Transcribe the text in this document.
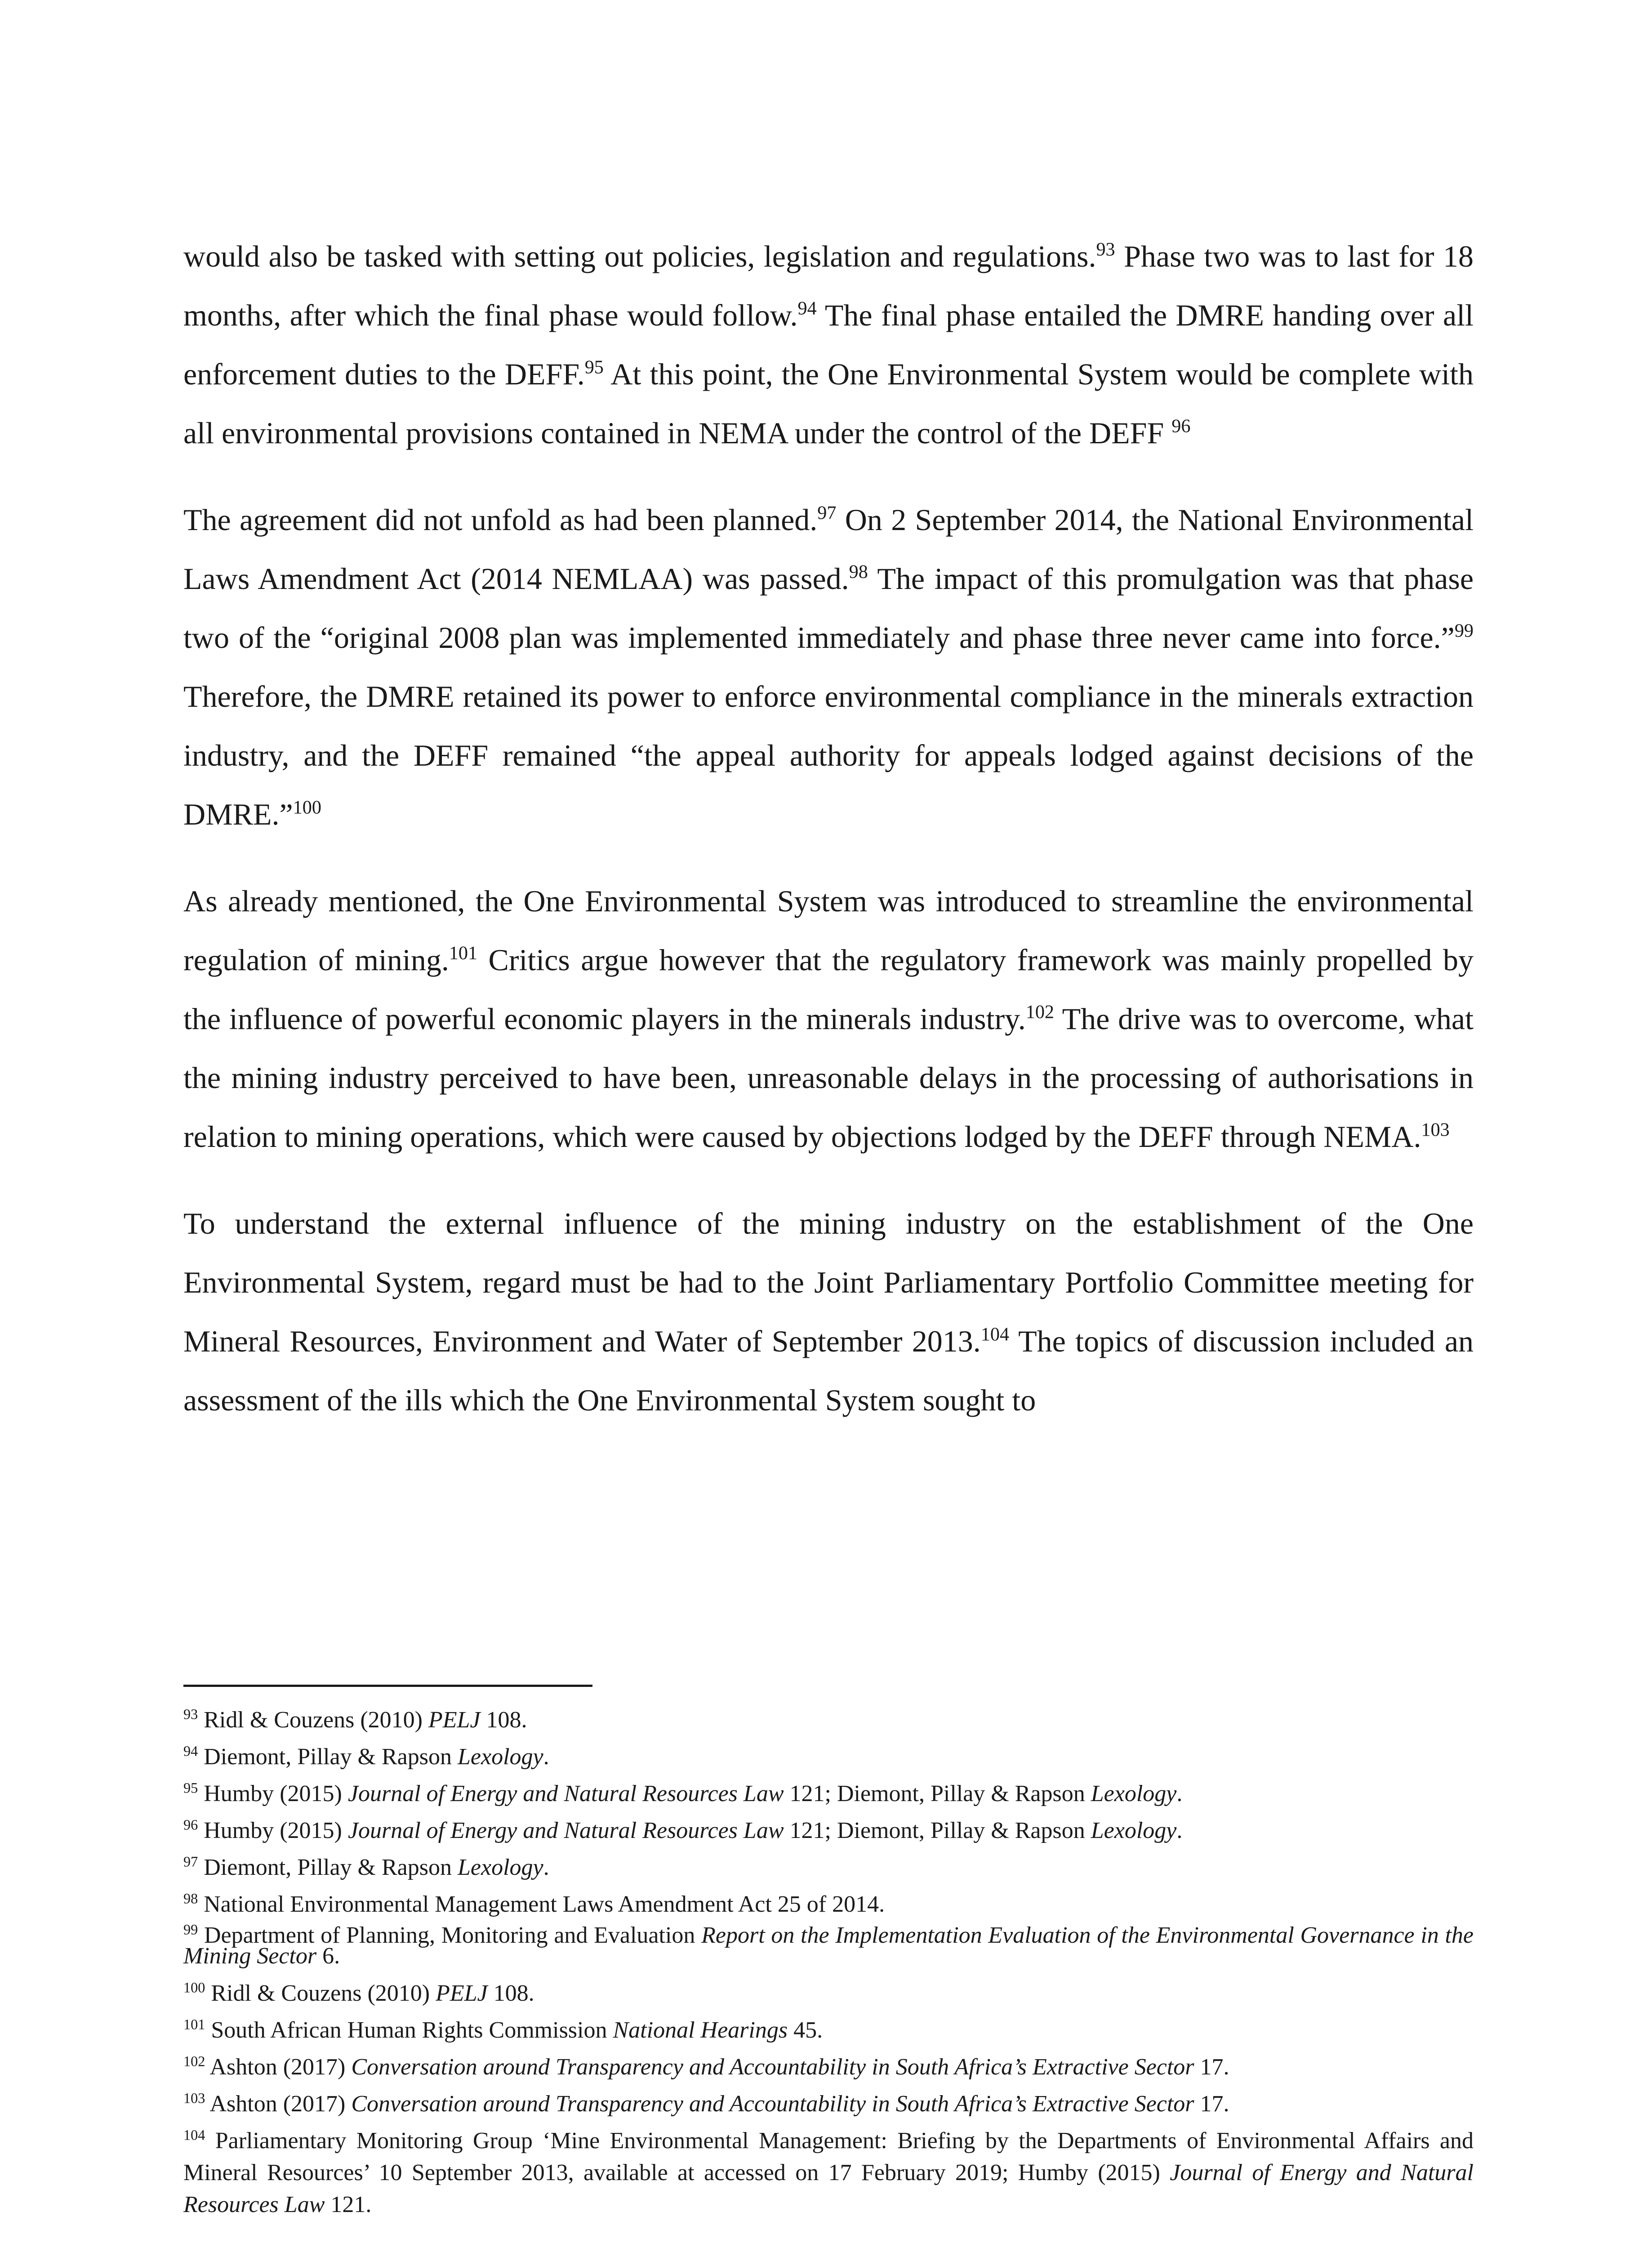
would also be tasked with setting out policies, legislation and regulations.$^{93}$ Phase two was to last for 18 months, after which the final phase would follow.$^{94}$ The final phase entailed the DMRE handing over all enforcement duties to the DEFF.$^{95}$ At this point, the One Environmental System would be complete with all environmental provisions contained in NEMA under the control of the DEFF $^{96}$

The agreement did not unfold as had been planned.$^{97}$ On 2 September 2014, the National Environmental Laws Amendment Act (2014 NEMLAA) was passed.$^{98}$ The impact of this promulgation was that phase two of the “original 2008 plan was implemented immediately and phase three never came into force.”$^{99}$ Therefore, the DMRE retained its power to enforce environmental compliance in the minerals extraction industry, and the DEFF remained “the appeal authority for appeals lodged against decisions of the DMRE.”$^{100}$

As already mentioned, the One Environmental System was introduced to streamline the environmental regulation of mining.$^{101}$ Critics argue however that the regulatory framework was mainly propelled by the influence of powerful economic players in the minerals industry.$^{102}$ The drive was to overcome, what the mining industry perceived to have been, unreasonable delays in the processing of authorisations in relation to mining operations, which were caused by objections lodged by the DEFF through NEMA.$^{103}$

To understand the external influence of the mining industry on the establishment of the One Environmental System, regard must be had to the Joint Parliamentary Portfolio Committee meeting for Mineral Resources, Environment and Water of September 2013.$^{104}$ The topics of discussion included an assessment of the ills which the One Environmental System sought to

$^{93}$ Ridl & Couzens (2010) PELJ 108.
$^{94}$ Diemont, Pillay & Rapson Lexology.
$^{95}$ Humby (2015) Journal of Energy and Natural Resources Law 121; Diemont, Pillay & Rapson Lexology.
$^{96}$ Humby (2015) Journal of Energy and Natural Resources Law 121; Diemont, Pillay & Rapson Lexology.
$^{97}$ Diemont, Pillay & Rapson Lexology.
$^{98}$ National Environmental Management Laws Amendment Act 25 of 2014.
$^{99}$ Department of Planning, Monitoring and Evaluation Report on the Implementation Evaluation of the Environmental Governance in the Mining Sector 6.
$^{100}$ Ridl & Couzens (2010) PELJ 108.
$^{101}$ South African Human Rights Commission National Hearings 45.
$^{102}$ Ashton (2017) Conversation around Transparency and Accountability in South Africa’s Extractive Sector 17.
$^{103}$ Ashton (2017) Conversation around Transparency and Accountability in South Africa’s Extractive Sector 17.
$^{104}$ Parliamentary Monitoring Group ‘Mine Environmental Management: Briefing by the Departments of Environmental Affairs and Mineral Resources’ 10 September 2013, available at accessed on 17 February 2019; Humby (2015) Journal of Energy and Natural Resources Law 121.
